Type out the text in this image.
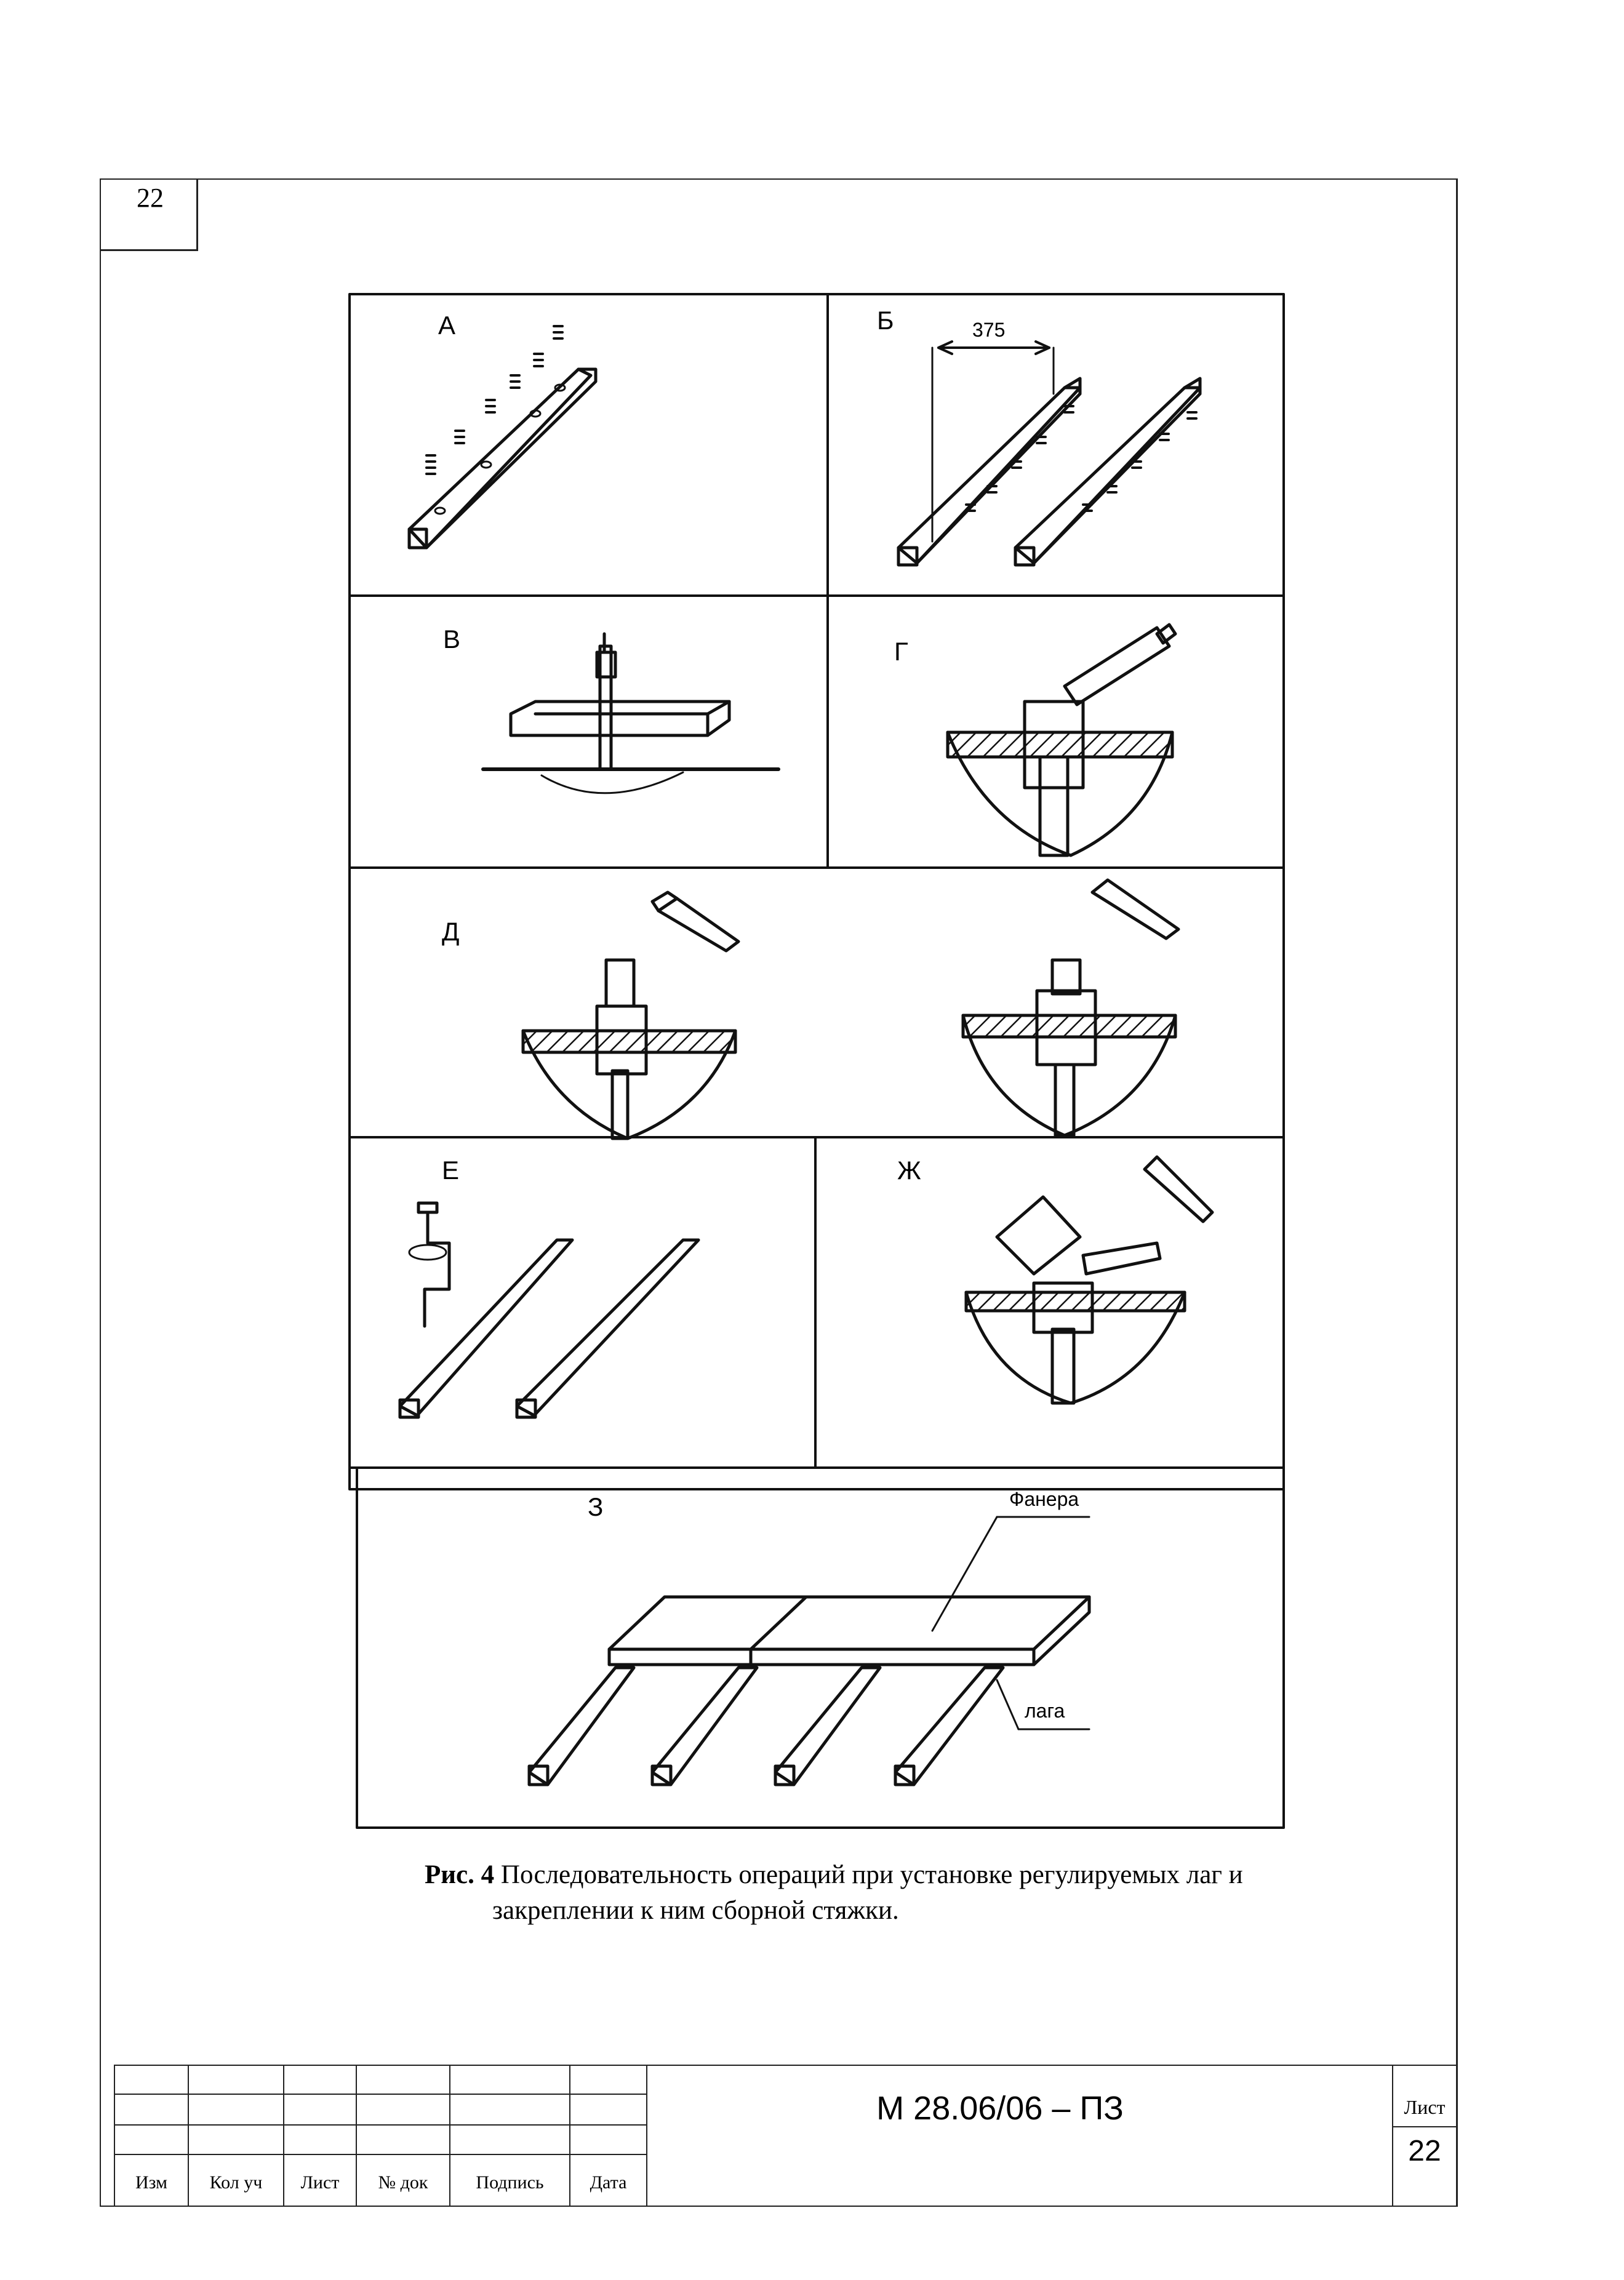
22
А	Б
В	Г
Д
Е	Ж
З
375
Фанера
лага
Рис. 4 Последовательность операций при установке регулируемых лаг и
закреплении к ним сборной стяжки.
Изм	Кол уч	Лист	№ док	Подпись	Дата
М 28.06/06 – ПЗ	Лист
22
